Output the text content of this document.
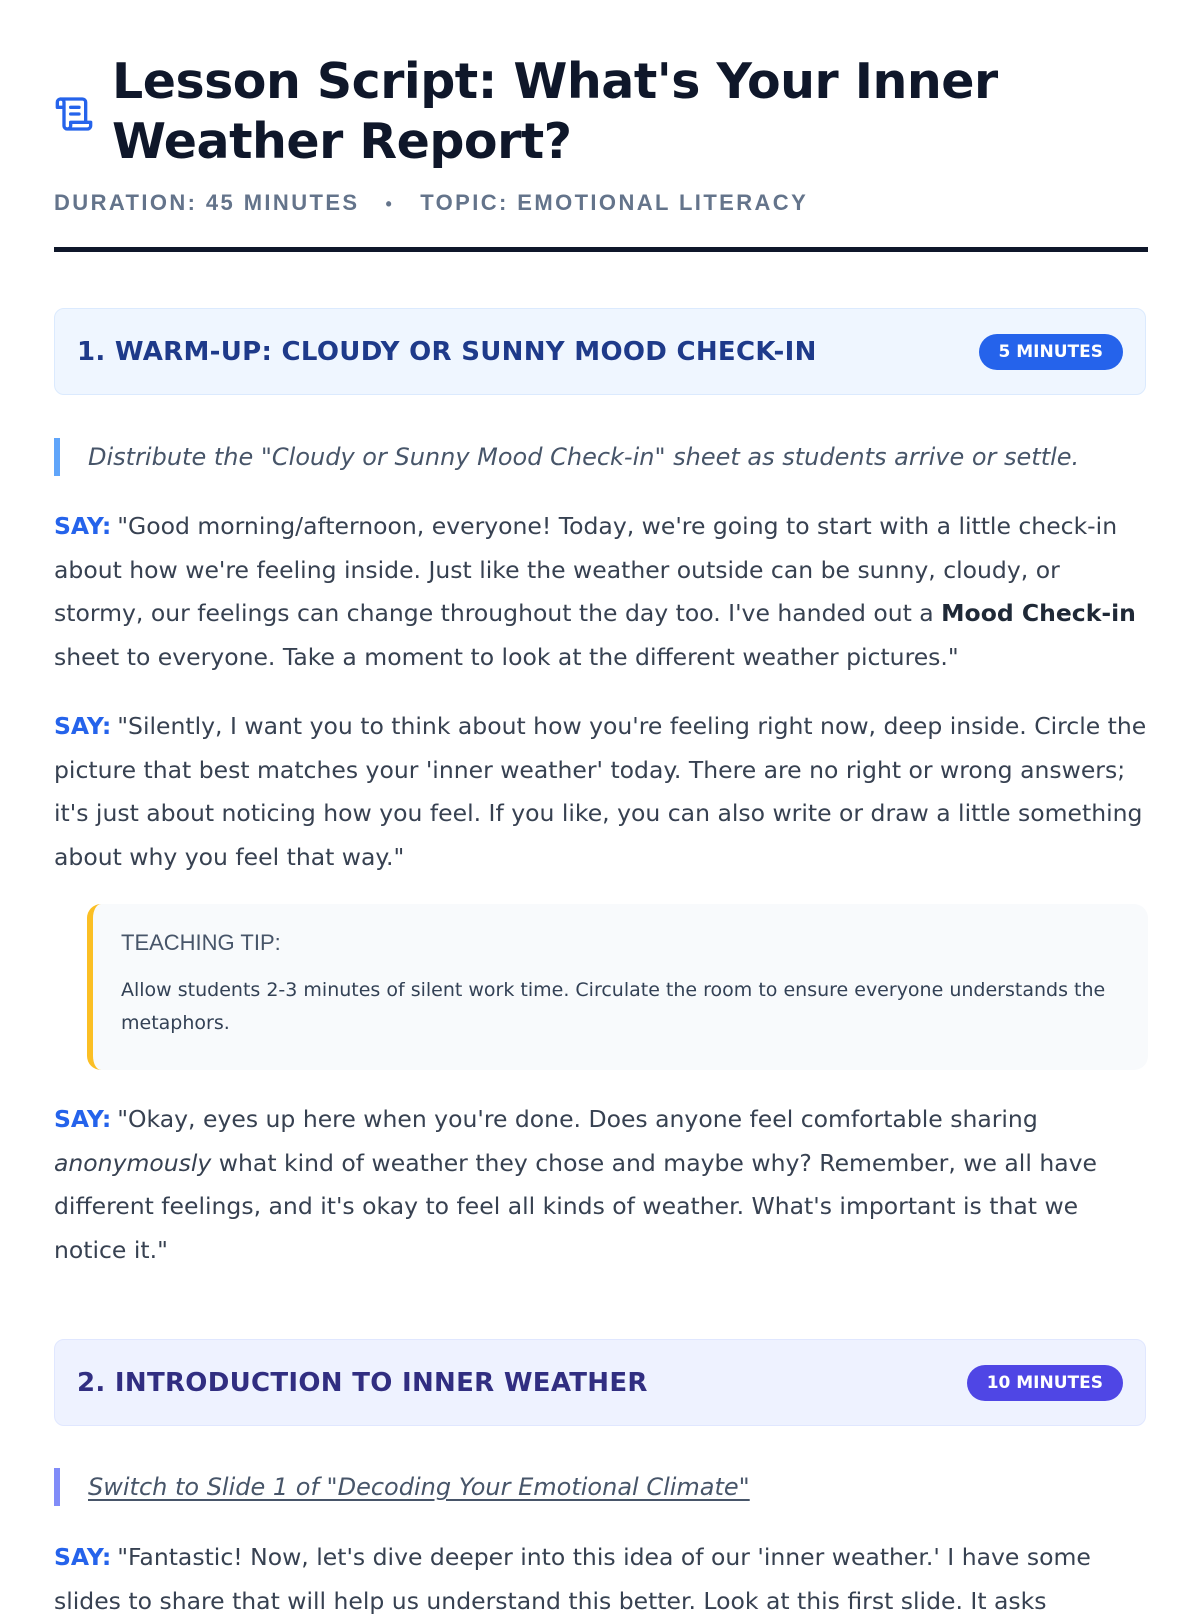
Lesson Script: What's Your Inner Weather Report?
DURATION: 45 MINUTES • TOPIC: EMOTIONAL LITERACY
1. WARM-UP: CLOUDY OR SUNNY MOOD CHECK-IN	5 MINUTES
Distribute the "Cloudy or Sunny Mood Check-in" sheet as students arrive or settle.

SAY: "Good morning/afternoon, everyone! Today, we're going to start with a little check-in about how we're feeling inside. Just like the weather outside can be sunny, cloudy, or stormy, our feelings can change throughout the day too. I've handed out a Mood Check-in sheet to everyone. Take a moment to look at the different weather pictures."

SAY: "Silently, I want you to think about how you're feeling right now, deep inside. Circle the picture that best matches your 'inner weather' today. There are no right or wrong answers; it's just about noticing how you feel. If you like, you can also write or draw a little something about why you feel that way."

TEACHING TIP:
Allow students 2-3 minutes of silent work time. Circulate the room to ensure everyone understands the metaphors.

SAY: "Okay, eyes up here when you're done. Does anyone feel comfortable sharing anonymously what kind of weather they chose and maybe why? Remember, we all have different feelings, and it's okay to feel all kinds of weather. What's important is that we notice it."

2. INTRODUCTION TO INNER WEATHER	10 MINUTES
Switch to Slide 1 of "Decoding Your Emotional Climate"

SAY: "Fantastic! Now, let's dive deeper into this idea of our 'inner weather.' I have some slides to share that will help us understand this better. Look at this first slide. It asks
